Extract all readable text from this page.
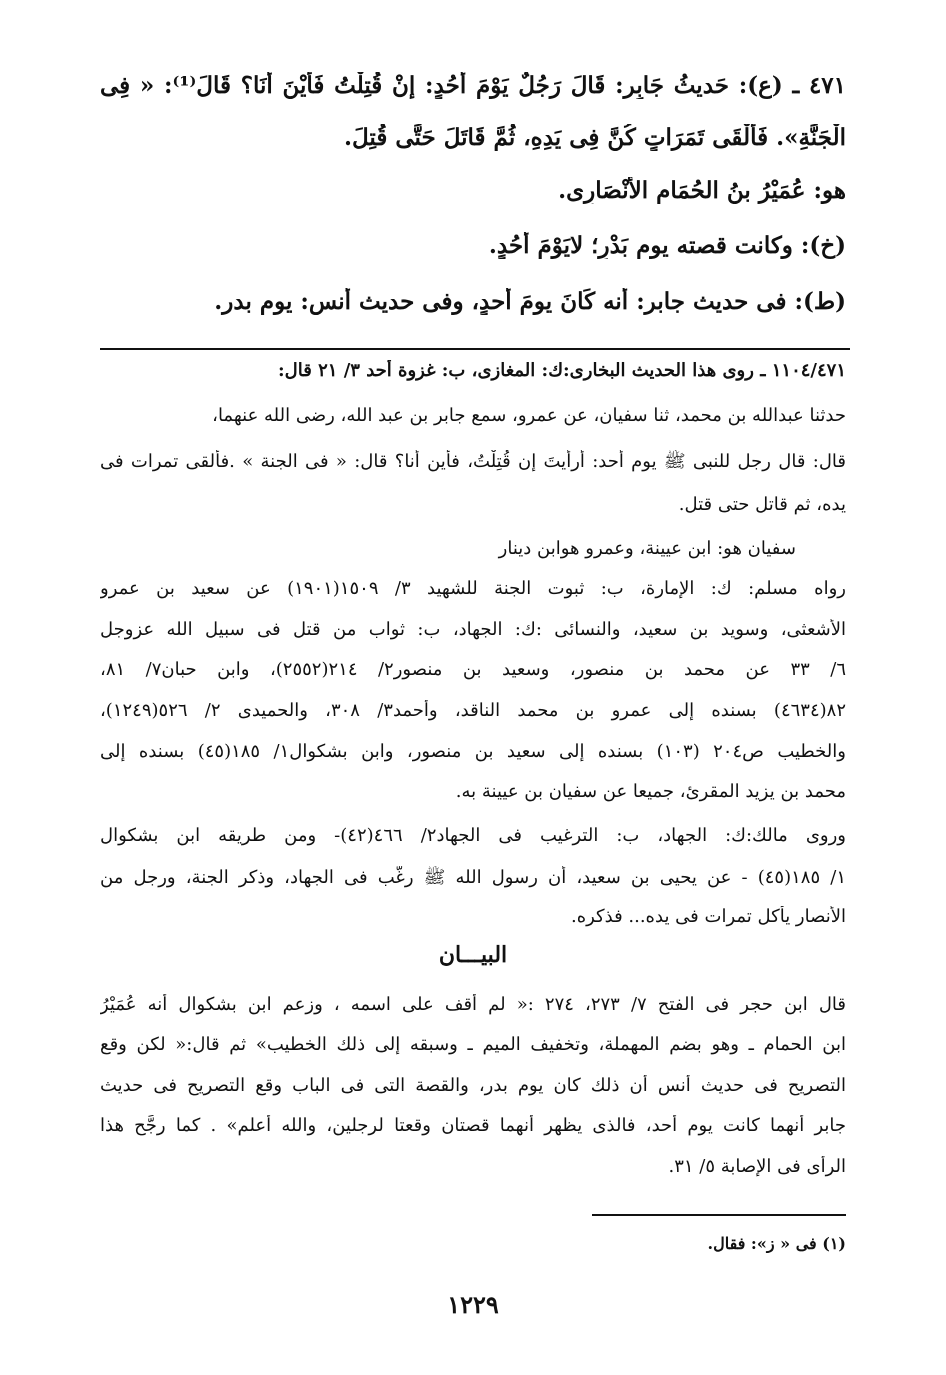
٤٧١ ـ (ع): حَديثُ جَابِر: قَالَ رَجُلٌ يَوْمَ أُحُدٍ: إِنْ قُتِلْتُ فَأَيْنَ أَنَا؟ قَالَ⁽¹⁾: « فِى
الْجَنَّةِ». فَأَلْقَى تَمَرَاتٍ كُنَّ فِى يَدِهِ، ثُمَّ قَاتَلَ حَتَّى قُتِلَ.
هو: عُمَيْرُ بنُ الحُمَامِ الأَنْصَارِى.
(خ): وكانت قصته يوم بَدْرٍ؛ لايَوْمَ أُحُدٍ.
(ط): فى حديث جابر: أنه كَانَ يومَ أُحدٍ، وفى حديث أنس: يوم بدر.
١١٠٤/٤٧١ ـ روى هذا الحديث البخارى:ك: المغازى، ب: غزوة أحد ٣/ ٢١ قال:
حدثنا عبدالله بن محمد، ثنا سفيان، عن عمرو، سمع جابر بن عبد الله، رضى الله عنهما،
قال: قال رجل للنبى ﷺ يوم أحد: أرأيتَ إن قُتِلْتُ، فأين أنا؟ قال: « فى الجنة » .فألقى تمرات فى
يده، ثم قاتل حتى قتل.
سفيان هو: ابن عيينة، وعمرو هوابن دينار
رواه مسلم: ك: الإمارة، ب: ثبوت الجنة للشهيد ٣/ ١٥٠٩(١٩٠١) عن سعيد بن عمرو
الأشعثى، وسويد بن سعيد، والنسائى :ك: الجهاد، ب: ثواب من قتل فى سبيل الله عزوجل
٦/ ٣٣ عن محمد بن منصور، وسعيد بن منصور٢/ ٢١٤(٢٥٥٢)، وابن حبان٧/ ٨١،
٨٢(٤٦٣٤) بسنده إلى عمرو بن محمد الناقد، وأحمد٣/ ٣٠٨، والحميدى ٢/ ٥٢٦(١٢٤٩)،
والخطيب ص٢٠٤ (١٠٣) بسنده إلى سعيد بن منصور، وابن بشكوال١/ ١٨٥(٤٥) بسنده إلى
محمد بن يزيد المقرئ، جميعا عن سفيان بن عيينة به.
وروى مالك:ك: الجهاد، ب: الترغيب فى الجهاد٢/ ٤٦٦(٤٢)- ومن طريقه ابن بشكوال
١/ ١٨٥(٤٥) - عن يحيى بن سعيد، أن رسول الله ﷺ رغَّب فى الجهاد، وذكر الجنة، ورجل من
الأنصار يأكل تمرات فى يده... فذكره.
البيـــان
قال ابن حجر فى الفتح ٧/ ٢٧٣، ٢٧٤ :« لم أقف على اسمه ، وزعم ابن بشكوال أنه عُمَيْرُ
ابن الحمام ـ وهو بضم المهملة، وتخفيف الميم ـ وسبقه إلى ذلك الخطيب» ثم قال:« لكن وقع
التصريح فى حديث أنس أن ذلك كان يوم بدر، والقصة التى فى الباب وقع التصريح فى حديث
جابر أنهما كانت يوم أحد، فالذى يظهر أنهما قصتان وقعتا لرجلين، والله أعلم» . كما رجَّح هذا
الرأى فى الإصابة ٥/ ٣١.
(١) فى « ز»: فقال.
١٢٢٩
